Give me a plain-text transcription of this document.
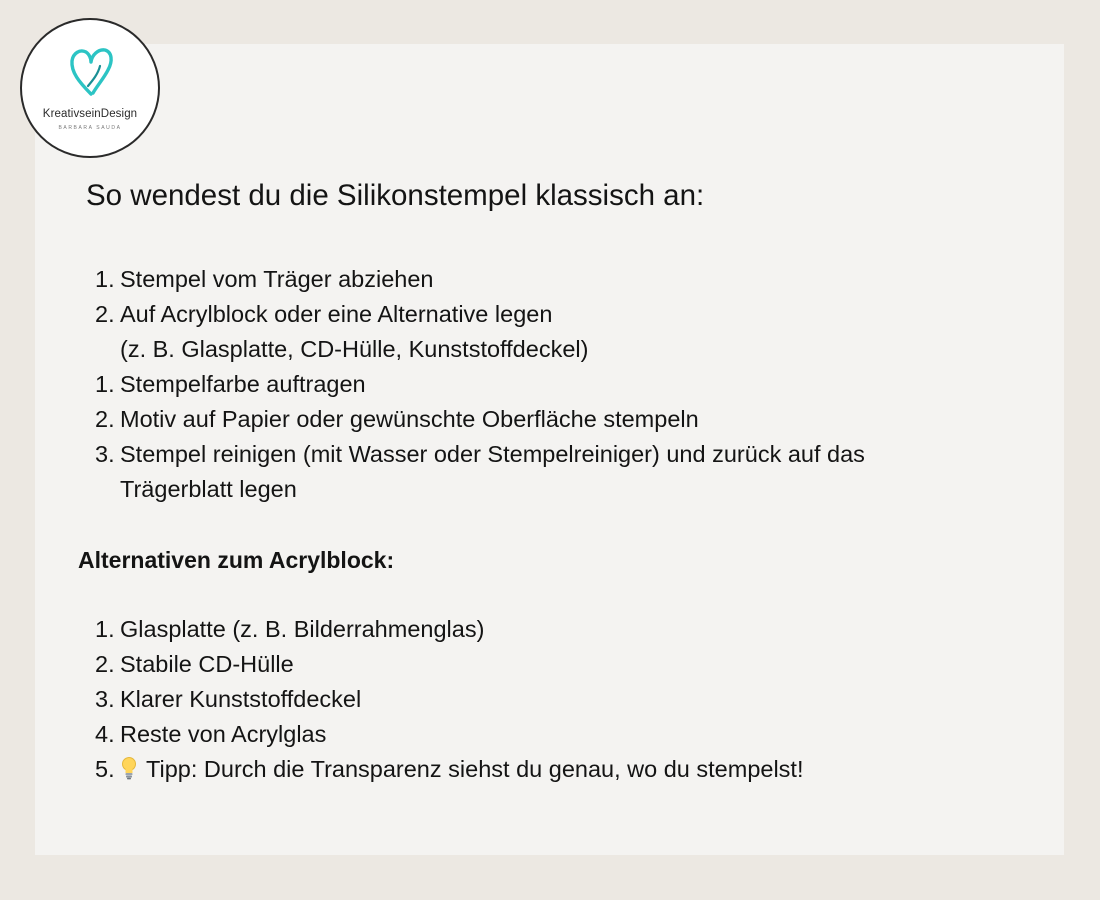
KreativseinDesign
BARBARA SAUDA
So wendest du die Silikonstempel klassisch an:
1. Stempel vom Träger abziehen
2. Auf Acrylblock oder eine Alternative legen
(z. B. Glasplatte, CD-Hülle, Kunststoffdeckel)
1. Stempelfarbe auftragen
2. Motiv auf Papier oder gewünschte Oberfläche stempeln
3. Stempel reinigen (mit Wasser oder Stempelreiniger) und zurück auf das
Trägerblatt legen
Alternativen zum Acrylblock:
1. Glasplatte (z. B. Bilderrahmenglas)
2. Stabile CD-Hülle
3. Klarer Kunststoffdeckel
4. Reste von Acrylglas
5. Tipp: Durch die Transparenz siehst du genau, wo du stempelst!
